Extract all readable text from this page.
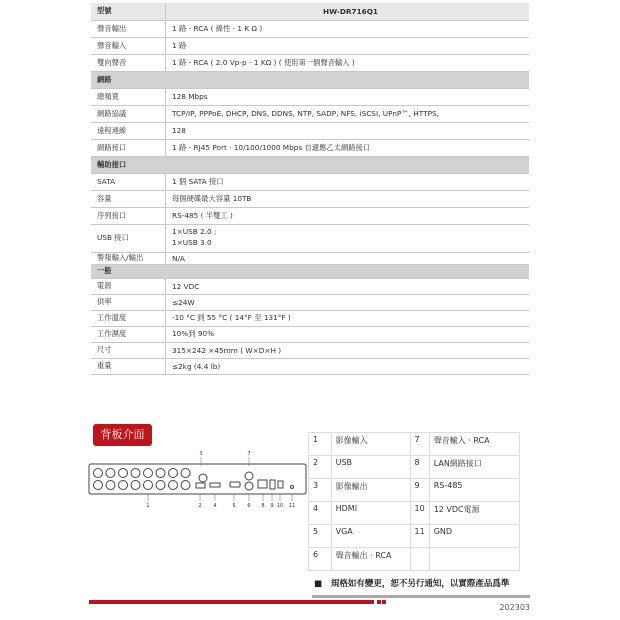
型號	HW-DR716Q1
聲音輸出	1 路 - RCA ( 線性 · 1 K Ω )
聲音輸入	1 路
雙向聲音	1 路 - RCA ( 2.0 Vp-p - 1 KΩ ) ( 使用第一個聲音輸入 )
網路	
總頻寬	128 Mbps
網路協議	TCP/IP, PPPoE, DHCP, DNS, DDNS, NTP, SADP, NFS, iSCSI, UPnP™, HTTPS,
遠程連線	128
網路接口	1 路 - RJ45 Port · 10/100/1000 Mbps 自適應乙太網路接口
輔助接口	
SATA	1 個 SATA 接口
容量	每個硬碟最大容量 10TB
序列接口	RS-485 ( 半雙工 )
USB 接口	1×USB 2.0 ;
1×USB 3.0
警報輸入/輸出	N/A
一般	
電源	12 VDC
供率	≤24W
工作溫度	-10 °C 到 55 °C ( 14°F 至 131°F )
工作濕度	10%到 90%
尺寸	315×242 ×45mm ( W×D×H )
重量	≤2kg (4.4 lb)
背板介面
1	2
3
4	5 6
7
8 9 10 11
1	影像輸入	7	聲音輸入 · RCA
2	USB	8	LAN網路接口
3	影像輸出	9	RS-485
4	HDMI	10	12 VDC電源
5	VGA	11	GND
6	聲音輸出 · RCA		
■ 規格如有變更，恕不另行通知，以實際產品爲準
202303
